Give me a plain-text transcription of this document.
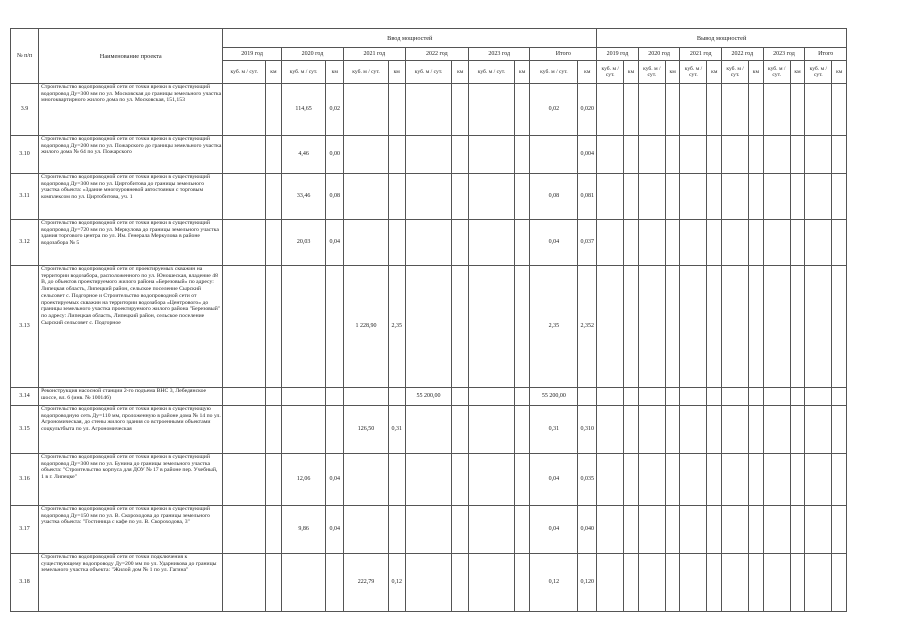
№ п/п	Наименование проекта	Ввод мощностей												Вывод мощностей											
		2019 год		2020 год		2021 год		2022 год		2023 год		Итого		2019 год		2020 год		2021 год		2022 год		2023 год		Итого	
		куб. м / сут.	км	куб. м / сут.	км	куб. м / сут.	км	куб. м / сут.	км	куб. м / сут.	км	куб. м / сут.	км	куб. м / сут.	км	куб. м / сут.	км	куб. м / сут.	км	куб. м / сут.	км	куб. м / сут.	км	куб. м / сут.	км
3.9	Строительство водопроводной сети от точки врезки в существующий водопровод Ду=300 мм по ул. Московская до границы земельного участка многоквартирного жилого дома по ул. Московская, 151,153			114,65	0,02							0,02	0,020												
3.10	Строительство водопроводной сети от точки врезки в существующий водопровод Ду=200 мм по ул. Пожарского до границы земельного участка жилого дома № 64 по ул. Пожарского			4,46	0,00								0,004												
3.11	Строительство водопроводной сети от точки врезки в существующий водопровод Ду=300 мм по ул. Циртобитова до границы земельного участка объекта: «Здание многоуровневой автостоянки с торговым комплексом по ул. Циртобитова, уч. 1			33,46	0,08							0,08	0,081												
3.12	Строительство водопроводной сети от точки врезки в существующий водопровод Ду=720 мм по ул. Меркулова до границы земельного участка здания торгового центра по ул. Им. Генерала Меркулова в районе водозабора № 5			20,03	0,04							0,04	0,037												
3.13	Строительство водопроводной сети от проектируемых скважин на территории водозабора, расположенного по ул. Юношеская, владение 48 В, до объектов проектируемого жилого района «Березовый» по адресу: Липецкая область, Липецкий район, сельское поселение Сырский сельсовет с. Подгорное и Строительство водопроводной сети от проектируемых скважин на территории водозабора «Центрового» до границы земельного участка проектируемого жилого района "Березовый" по адресу: Липецкая область, Липецкий район, сельское поселение Сырский сельсовет с. Подгорное					1 228,90	2,35					2,35	2,352												
3.14	Реконструкция насосной станции 2-го подъема ВНС 3, Лебедянское шоссе, вл. 6 (инв. № 100146)							55 200,00				55 200,00													
3.15	Строительство водопроводной сети от точки врезки в существующую водопроводную сеть Ду=110 мм, проложенную в районе дома № 14 по ул. Агрономическая, до стены жилого здания со встроенными объектами соцкультбыта по ул. Агрономическая					126,50	0,31					0,31	0,310												
3.16	Строительство водопроводной сети от точки врезки в существующий водопровод Ду=300 мм по ул. Бунина до границы земельного участка объекта: "Строительство корпуса для ДОУ № 17 в районе пер. Учебный, 1 в г. Липецке"			12,06	0,04							0,04	0,035												
3.17	Строительство водопроводной сети от точки врезки в существующий водопровод Ду=150 мм по ул. В. Скороходова до границы земельного участка объекта: "Гостиница с кафе по ул. В. Скороходова, 3"			9,86	0,04							0,04	0,040												
3.18	Строительство водопроводной сети от точки подключения к существующему водопроводу Ду=200 мм по ул. Ударникова до границы земельного участка объекта: "Жилой дом № 1 по ул. Гагина"					222,79	0,12					0,12	0,120												
